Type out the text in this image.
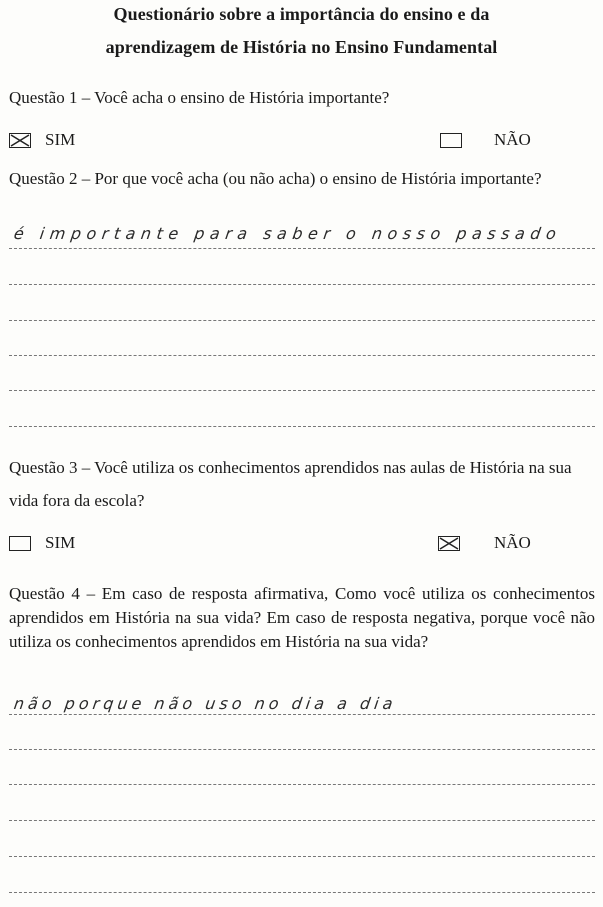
Questionário sobre a importância do ensino e da
aprendizagem de História no Ensino Fundamental
Questão 1 – Você acha o ensino de História importante?
SIM	NÃO
Questão 2 – Por que você acha (ou não acha) o ensino de História importante?
é importante para saber o nosso passado
Questão 3 – Você utiliza os conhecimentos aprendidos nas aulas de História na sua vida fora da escola?
SIM	NÃO
Questão 4 – Em caso de resposta afirmativa, Como você utiliza os conhecimentos aprendidos em História na sua vida? Em caso de resposta negativa, porque você não utiliza os conhecimentos aprendidos em História na sua vida?
não porque não uso no dia a dia
